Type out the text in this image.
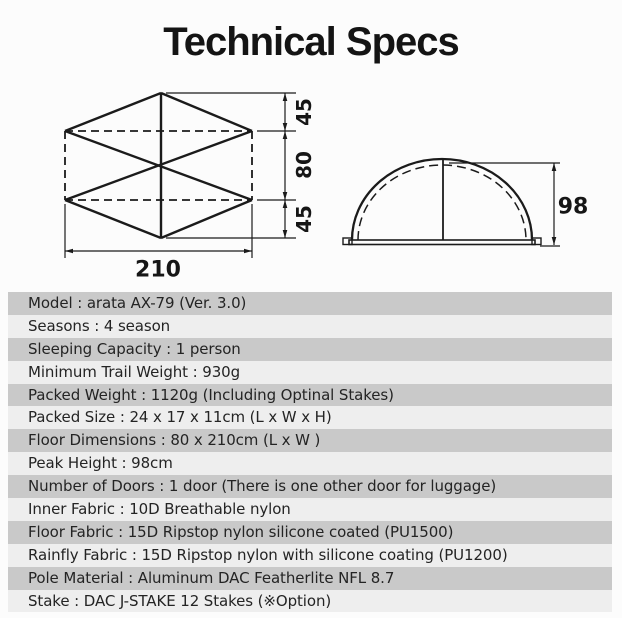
Technical Specs
45
80
45
210
98
Model : arata AX-79 (Ver. 3.0)
Seasons : 4 season
Sleeping Capacity : 1 person
Minimum Trail Weight : 930g
Packed Weight : 1120g (Including Optinal Stakes)
Packed Size : 24 x 17 x 11cm (L x W x H)
Floor Dimensions : 80 x 210cm (L x W )
Peak Height : 98cm
Number of Doors : 1 door (There is one other door for luggage)
Inner Fabric : 10D Breathable nylon
Floor Fabric : 15D Ripstop nylon silicone coated (PU1500)
Rainfly Fabric : 15D Ripstop nylon with silicone coating (PU1200)
Pole Material : Aluminum DAC Featherlite NFL 8.7
Stake : DAC J-STAKE 12 Stakes (※Option)
